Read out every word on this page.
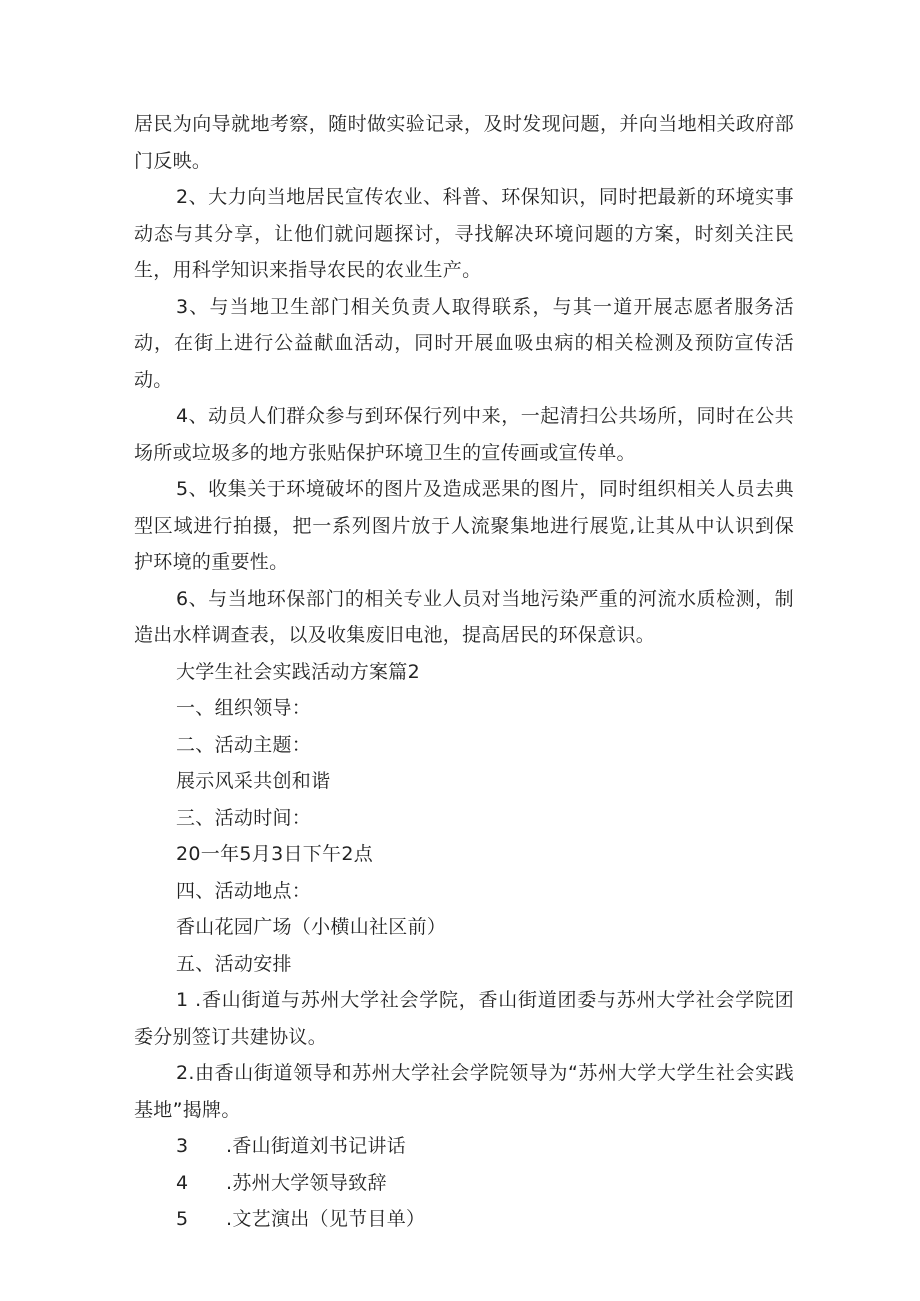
居民为向导就地考察，随时做实验记录，及时发现问题，并向当地相关政府部门反映。

2、大力向当地居民宣传农业、科普、环保知识，同时把最新的环境实事动态与其分享，让他们就问题探讨，寻找解决环境问题的方案，时刻关注民生，用科学知识来指导农民的农业生产。

3、与当地卫生部门相关负责人取得联系，与其一道开展志愿者服务活动，在街上进行公益献血活动，同时开展血吸虫病的相关检测及预防宣传活动。

4、动员人们群众参与到环保行列中来，一起清扫公共场所，同时在公共场所或垃圾多的地方张贴保护环境卫生的宣传画或宣传单。

5、收集关于环境破坏的图片及造成恶果的图片，同时组织相关人员去典型区域进行拍摄，把一系列图片放于人流聚集地进行展览,让其从中认识到保护环境的重要性。

6、与当地环保部门的相关专业人员对当地污染严重的河流水质检测，制造出水样调查表，以及收集废旧电池，提高居民的环保意识。

大学生社会实践活动方案篇2

一、组织领导：

二、活动主题：

展示风采共创和谐

三、活动时间：

20一年5月3日下午2点

四、活动地点：

香山花园广场（小横山社区前）

五、活动安排

1 .香山街道与苏州大学社会学院，香山街道团委与苏州大学社会学院团委分别签订共建协议。

2.由香山街道领导和苏州大学社会学院领导为“苏州大学大学生社会实践基地”揭牌。

3 .香山街道刘书记讲话

4 .苏州大学领导致辞

5 .文艺演出（见节目单）
